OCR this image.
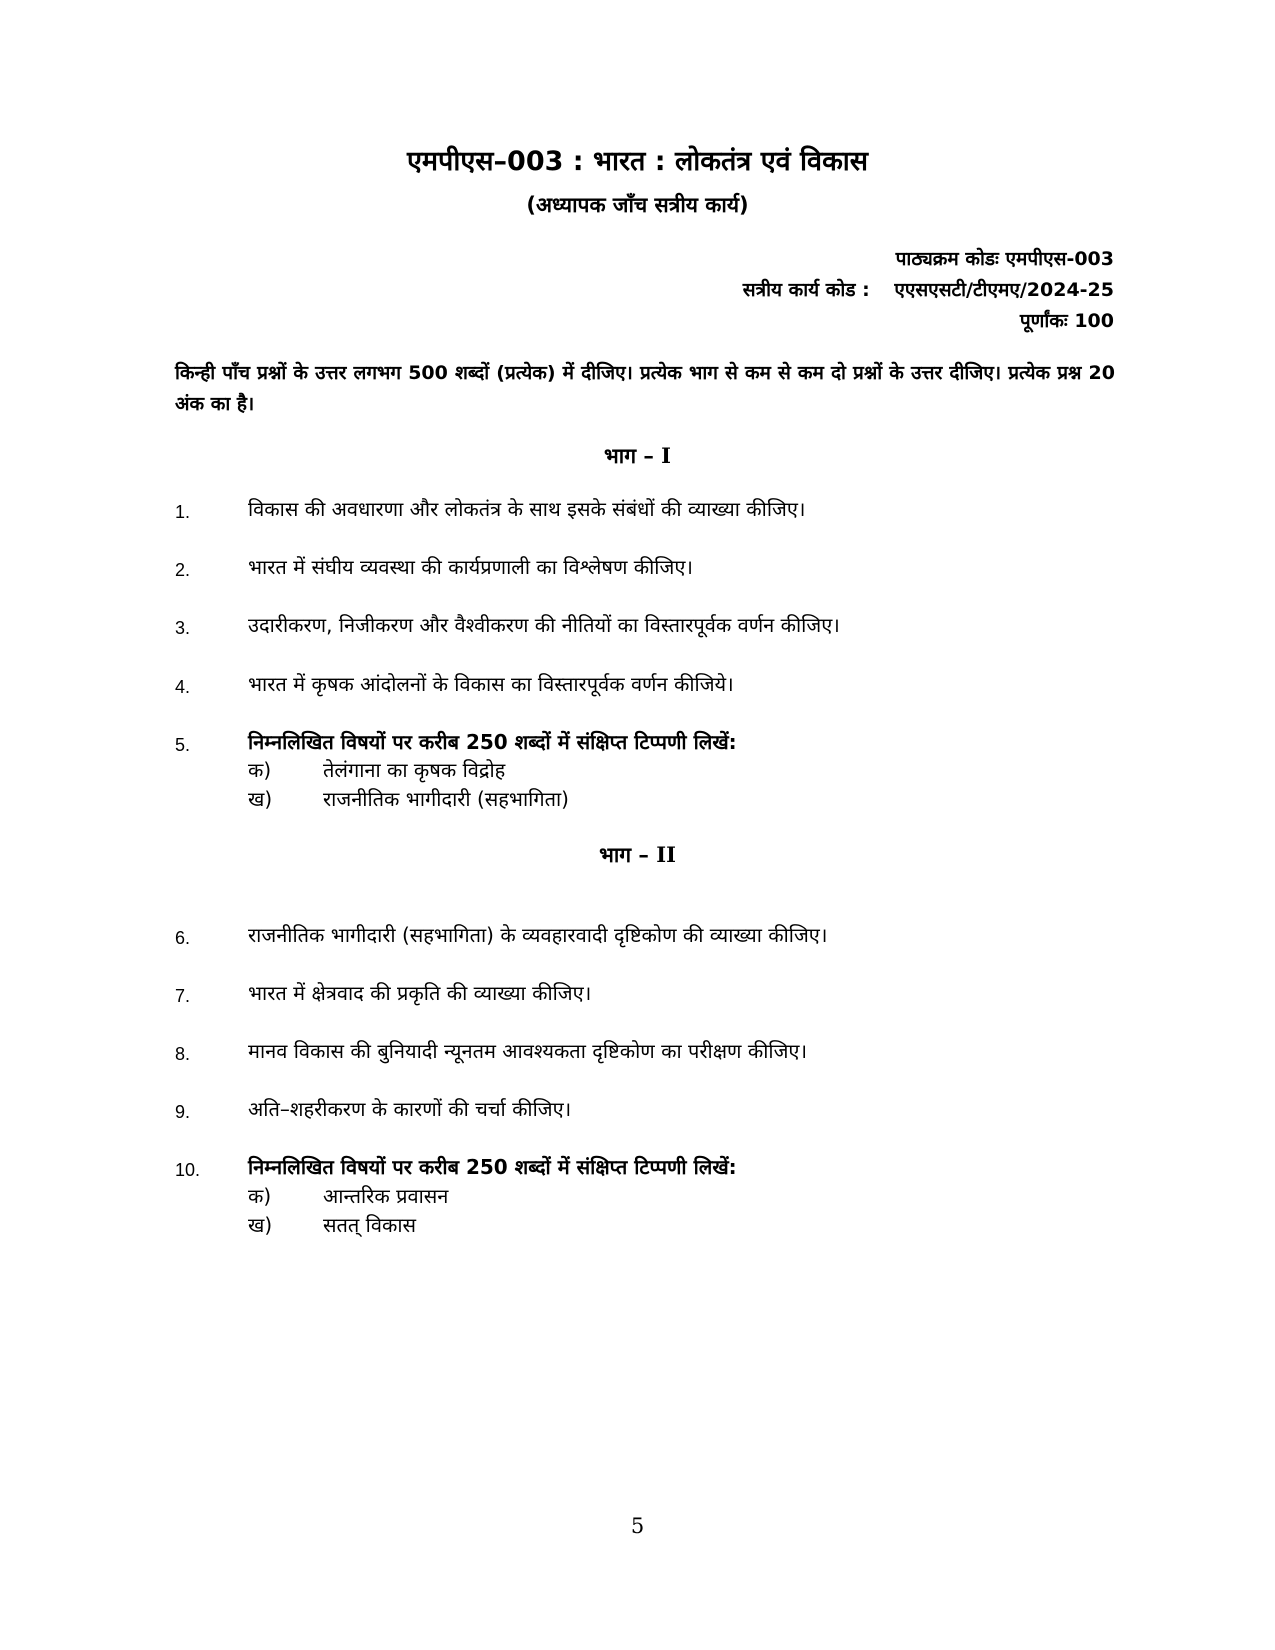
एमपीएस–003 : भारत : लोकतंत्र एवं विकास
(अध्यापक जाँच सत्रीय कार्य)
पाठ्यक्रम कोडः एमपीएस-003
सत्रीय कार्य कोड : एएसएसटी/टीएमए/2024-25
पूर्णांकः 100
किन्ही पाँच प्रश्नों के उत्तर लगभग 500 शब्दों (प्रत्येक) में दीजिए। प्रत्येक भाग से कम से कम दो प्रश्नों के उत्तर दीजिए। प्रत्येक प्रश्न 20 अंक का है।
भाग – I
1.	विकास की अवधारणा और लोकतंत्र के साथ इसके संबंधों की व्याख्या कीजिए।
2.	भारत में संघीय व्यवस्था की कार्यप्रणाली का विश्लेषण कीजिए।
3.	उदारीकरण, निजीकरण और वैश्वीकरण की नीतियों का विस्तारपूर्वक वर्णन कीजिए।
4.	भारत में कृषक आंदोलनों के विकास का विस्तारपूर्वक वर्णन कीजिये।
5.	निम्नलिखित विषयों पर करीब 250 शब्दों में संक्षिप्त टिप्पणी लिखें:
क)	तेलंगाना का कृषक विद्रोह
ख)	राजनीतिक भागीदारी (सहभागिता)
भाग – II
6.	राजनीतिक भागीदारी (सहभागिता) के व्यवहारवादी दृष्टिकोण की व्याख्या कीजिए।
7.	भारत में क्षेत्रवाद की प्रकृति की व्याख्या कीजिए।
8.	मानव विकास की बुनियादी न्यूनतम आवश्यकता दृष्टिकोण का परीक्षण कीजिए।
9.	अति–शहरीकरण के कारणों की चर्चा कीजिए।
10.	निम्नलिखित विषयों पर करीब 250 शब्दों में संक्षिप्त टिप्पणी लिखें:
क)	आन्तरिक प्रवासन
ख)	सतत् विकास
5
